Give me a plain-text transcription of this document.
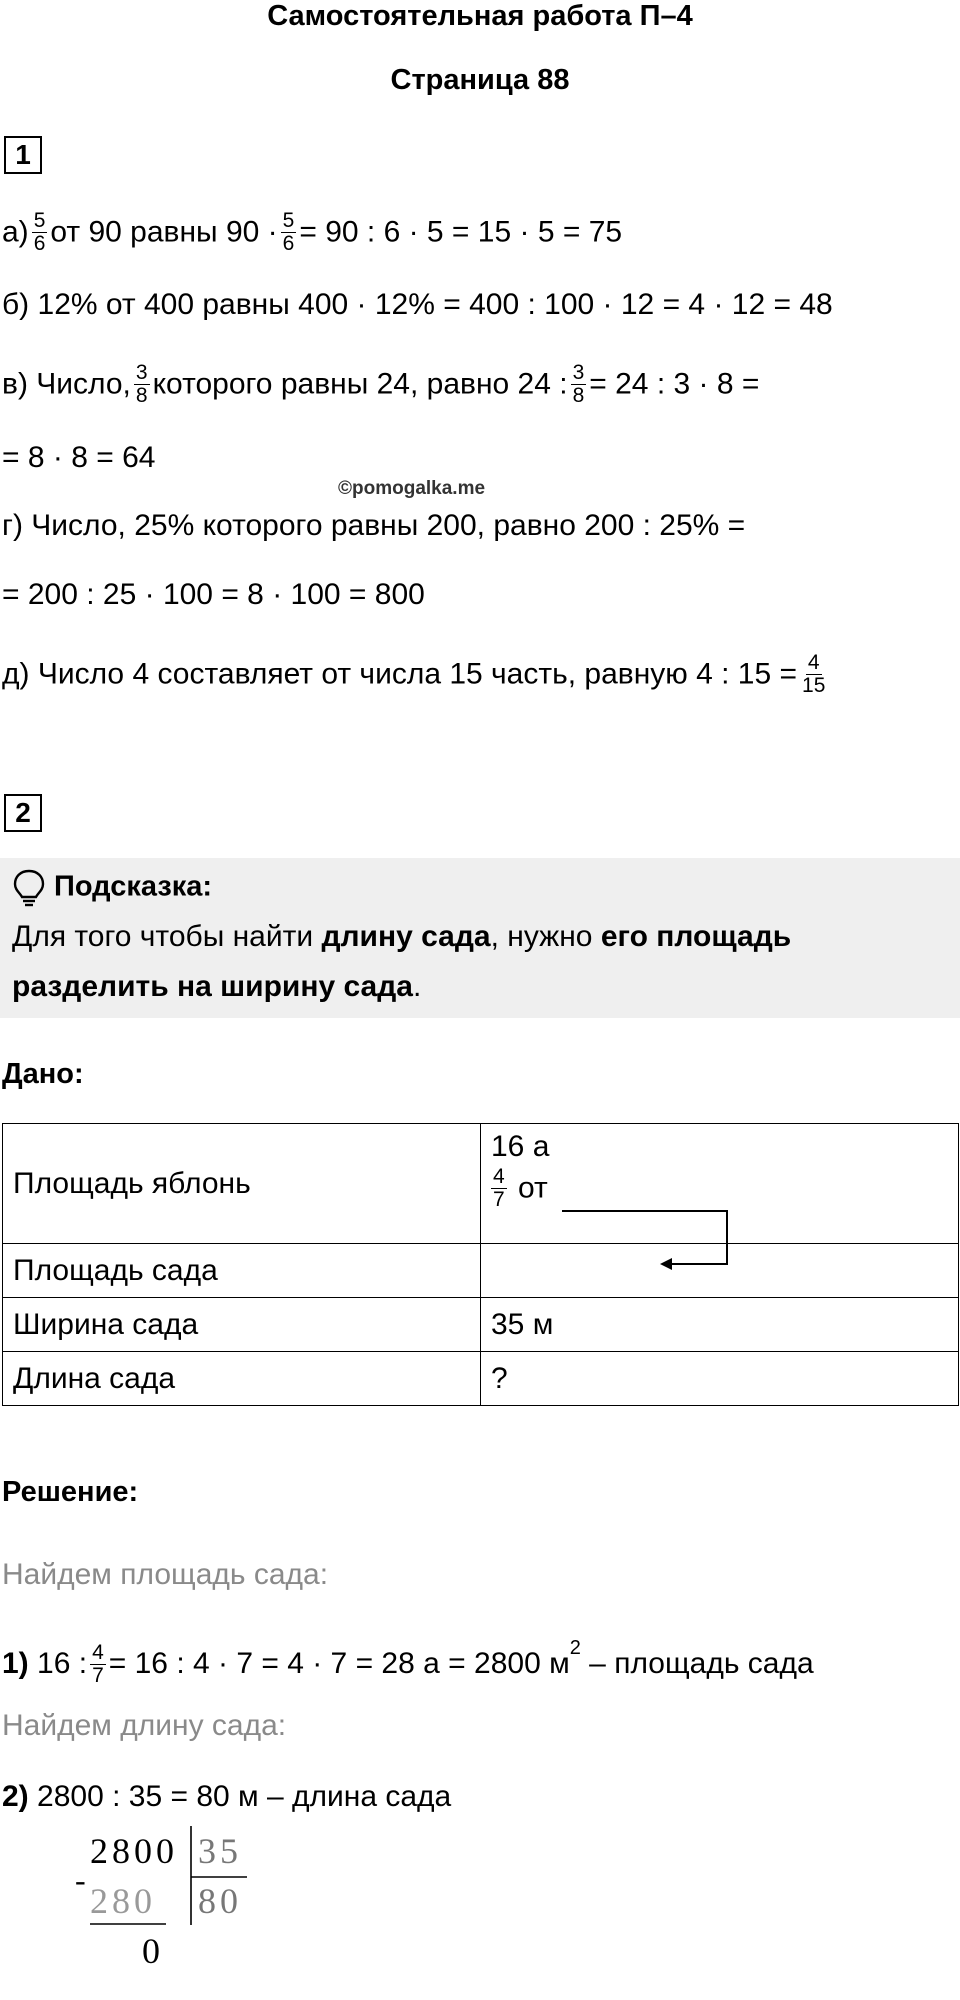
Самостоятельная работа П–4
Страница 88
1
$а) \frac{5}{6}$ от 90 равны $90 \cdot \frac{5}{6} = 90$ : 6 · 5 = 15 · 5 = 75
б) 12% от 400 равны 400 · 12% = 400 : 100 · 12 = 4 · 12 = 48
в) Число, $\frac{3}{8}$ которого равны 24, равно 24 : $\frac{3}{8} = 24$ : 3 · 8 =
= 8 · 8 = 64
©pomogalka.me
г) Число, 25% которого равны 200, равно 200 : 25% =
= 200 : 25 · 100 = 8 · 100 = 800
д) Число 4 составляет от числа 15 часть, равную 4 : $15 = \frac{4}{15}$
2
Подсказка:
Для того чтобы найти длину сада, нужно его площадь
разделить на ширину сада.
Дано:
Площадь яблонь	16 а
$\frac{4}{7}$ от

Площадь сада	
Ширина сада	35 м
Длина сада	?
Решение:
Найдем площадь сада:
1) 16 : $\frac{4}{7} = 16$ : 4 · 7 = 4 · 7 = 28 а = 2800 $м^2$ – площадь сада
Найдем длину сада:
2) 2800 : 35 = 80 м – длина сада
-
2800 35
280 80
0
